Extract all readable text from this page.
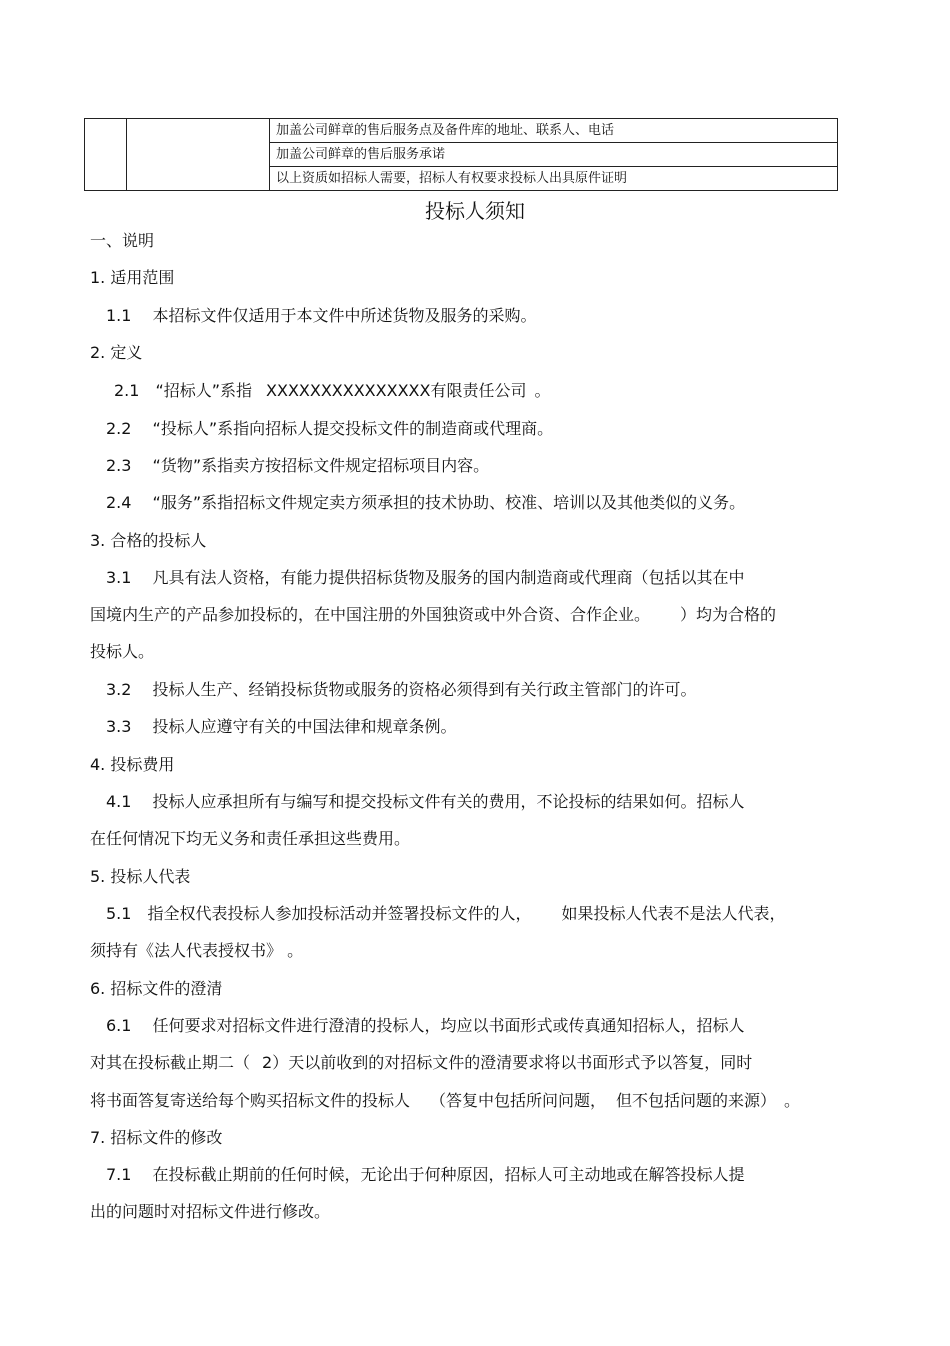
		加盖公司鲜章的售后服务点及备件库的地址、联系人、电话
加盖公司鲜章的售后服务承诺
以上资质如招标人需要，招标人有权要求投标人出具原件证明
投标人须知
一、说明
1. 适用范围
1.1　 本招标文件仅适用于本文件中所述货物及服务的采购。
2. 定义
2.1　“招标人”系指 XXXXXXXXXXXXXXX有限责任公司 。
2.2　 “投标人”系指向招标人提交投标文件的制造商或代理商。
2.3　 “货物”系指卖方按招标文件规定招标项目内容。
2.4　 “服务”系指招标文件规定卖方须承担的技术协助、校准、培训以及其他类似的义务。
3. 合格的投标人
3.1　 凡具有法人资格，有能力提供招标货物及服务的国内制造商或代理商（包括以其在中
国境内生产的产品参加投标的，在中国注册的外国独资或中外合资、合作企业。 ）均为合格的
投标人。
3.2　 投标人生产、经销投标货物或服务的资格必须得到有关行政主管部门的许可。
3.3　 投标人应遵守有关的中国法律和规章条例。
4. 投标费用
4.1　 投标人应承担所有与编写和提交投标文件有关的费用，不论投标的结果如何。招标人
在任何情况下均无义务和责任承担这些费用。
5. 投标人代表
5.1　指全权代表投标人参加投标活动并签署投标文件的人， 如果投标人代表不是法人代表，
须持有《法人代表授权书》 。
6. 招标文件的澄清
6.1　 任何要求对招标文件进行澄清的投标人，均应以书面形式或传真通知招标人，招标人
对其在投标截止期二（ 2）天以前收到的对招标文件的澄清要求将以书面形式予以答复，同时
将书面答复寄送给每个购买招标文件的投标人 （答复中包括所问问题， 但不包括问题的来源） 。
7. 招标文件的修改
7.1　 在投标截止期前的任何时候，无论出于何种原因，招标人可主动地或在解答投标人提
出的问题时对招标文件进行修改。
